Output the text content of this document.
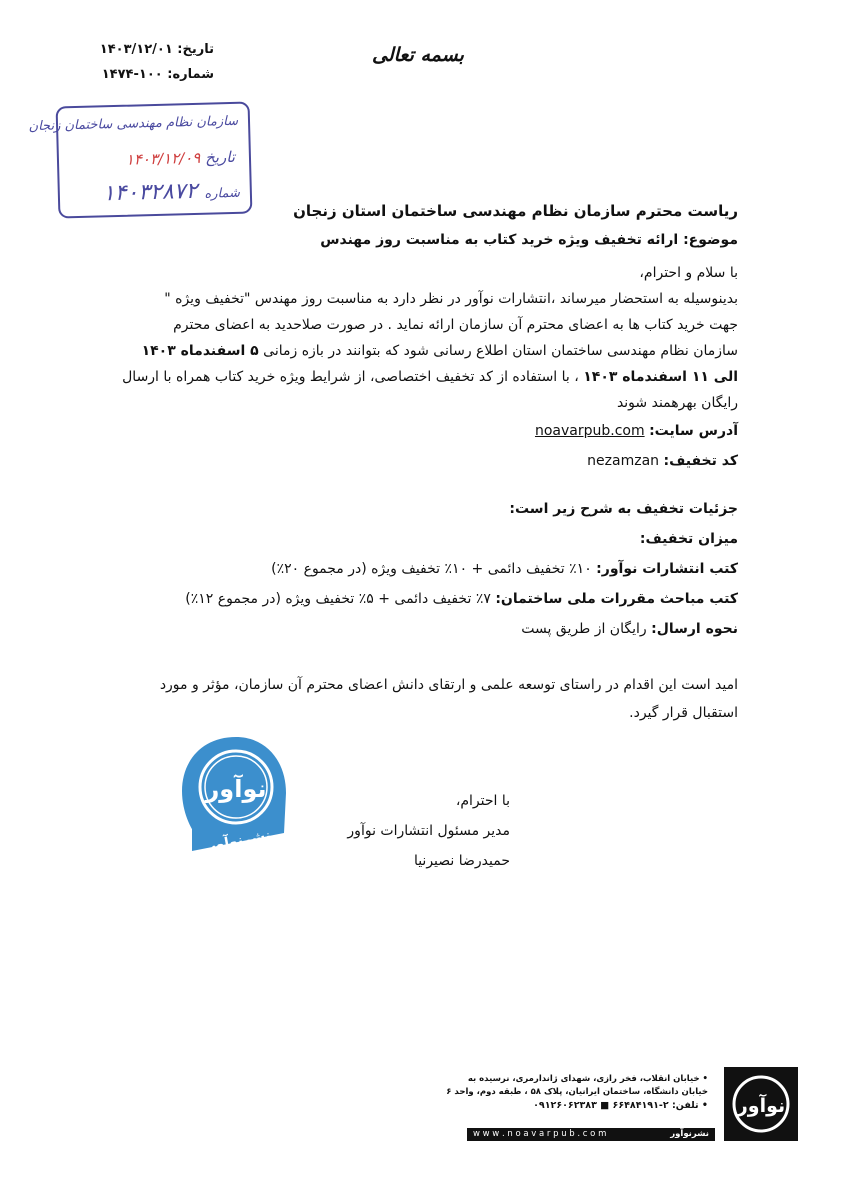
بسمه تعالی
تاریخ: ۱۴۰۳/۱۲/۰۱
شماره: ۱۰۰-۱۴۷۴
سازمان نظام مهندسی ساختمان زنجان
تاریخ ۱۴۰۳/۱۲/۰۹
شماره ۱۴۰۳۲۸۷۲
ریاست محترم سازمان نظام مهندسی ساختمان استان زنجان
موضوع: ارائه تخفیف ویژه خرید کتاب به مناسبت روز مهندس
با سلام و احترام،
بدینوسیله به استحضار میرساند ،انتشارات نوآور در نظر دارد به مناسبت روز مهندس "تخفیف ویژه "
جهت خرید کتاب ها به اعضای محترم آن سازمان ارائه نماید . در صورت صلاحدید به اعضای محترم
سازمان نظام مهندسی ساختمان استان اطلاع رسانی شود که بتوانند در بازه زمانی ۵ اسفندماه ۱۴۰۳
الی ۱۱ اسفندماه ۱۴۰۳ ، با استفاده از کد تخفیف اختصاصی، از شرایط ویژه خرید کتاب همراه با ارسال
رایگان بهرهمند شوند
آدرس سایت: noavarpub.com
کد تخفیف: nezamzan
جزئیات تخفیف به شرح زیر است:
میزان تخفیف:
کتب انتشارات نوآور: ۱۰٪ تخفیف دائمی + ۱۰٪ تخفیف ویژه (در مجموع ۲۰٪)
کتب مباحث مقررات ملی ساختمان: ۷٪ تخفیف دائمی + ۵٪ تخفیف ویژه (در مجموع ۱۲٪)
نحوه ارسال: رایگان از طریق پست
امید است این اقدام در راستای توسعه علمی و ارتقای دانش اعضای محترم آن سازمان، مؤثر و مورد
استقبال قرار گیرد.
با احترام،
مدیر مسئول انتشارات نوآور
حمیدرضا نصیرنیا
نوآور
نشرنوآور
• خیابان انقلاب، فخر رازی، شهدای ژاندارمری، نرسیده به
خیابان دانشگاه، ساختمان ایرانیان، پلاک ۵۸ ، طبقه دوم، واحد ۶
• تلفن: ۲-۶۶۴۸۴۱۹۱ ■ ۰۹۱۲۶۰۶۲۳۸۳
w w w . n o a v a r p u b . c o m	نشرنوآور
نوآور
